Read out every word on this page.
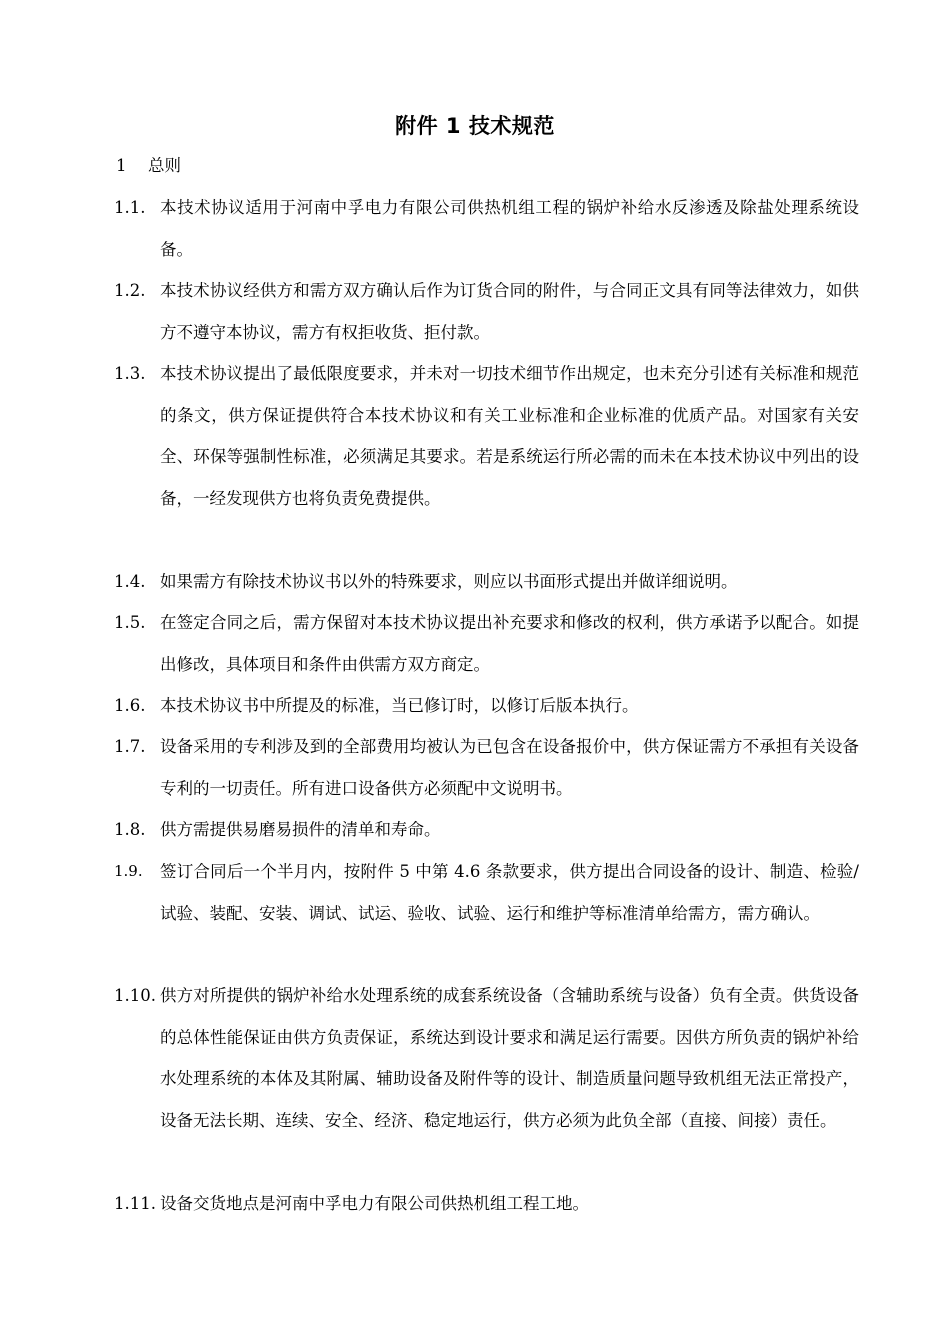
附件 1 技术规范
1 总则
1.1. 本技术协议适用于河南中孚电力有限公司供热机组工程的锅炉补给水反渗透及除盐处理系统设备。
1.2. 本技术协议经供方和需方双方确认后作为订货合同的附件，与合同正文具有同等法律效力，如供方不遵守本协议，需方有权拒收货、拒付款。
1.3. 本技术协议提出了最低限度要求，并未对一切技术细节作出规定，也未充分引述有关标准和规范的条文，供方保证提供符合本技术协议和有关工业标准和企业标准的优质产品。对国家有关安全、环保等强制性标准，必须满足其要求。若是系统运行所必需的而未在本技术协议中列出的设备，一经发现供方也将负责免费提供。
1.4. 如果需方有除技术协议书以外的特殊要求，则应以书面形式提出并做详细说明。
1.5. 在签定合同之后，需方保留对本技术协议提出补充要求和修改的权利，供方承诺予以配合。如提出修改，具体项目和条件由供需方双方商定。
1.6. 本技术协议书中所提及的标准，当已修订时，以修订后版本执行。
1.7. 设备采用的专利涉及到的全部费用均被认为已包含在设备报价中，供方保证需方不承担有关设备专利的一切责任。所有进口设备供方必须配中文说明书。
1.8. 供方需提供易磨易损件的清单和寿命。
1.9.	签订合同后一个半月内，按附件 5 中第 4.6 条款要求，供方提出合同设备的设计、制造、检验/试验、装配、安装、调试、试运、验收、试验、运行和维护等标准清单给需方，需方确认。
1.10. 供方对所提供的锅炉补给水处理系统的成套系统设备（含辅助系统与设备）负有全责。供货设备的总体性能保证由供方负责保证，系统达到设计要求和满足运行需要。因供方所负责的锅炉补给水处理系统的本体及其附属、辅助设备及附件等的设计、制造质量问题导致机组无法正常投产，设备无法长期、连续、安全、经济、稳定地运行，供方必须为此负全部（直接、间接）责任。
1.11. 设备交货地点是河南中孚电力有限公司供热机组工程工地。
